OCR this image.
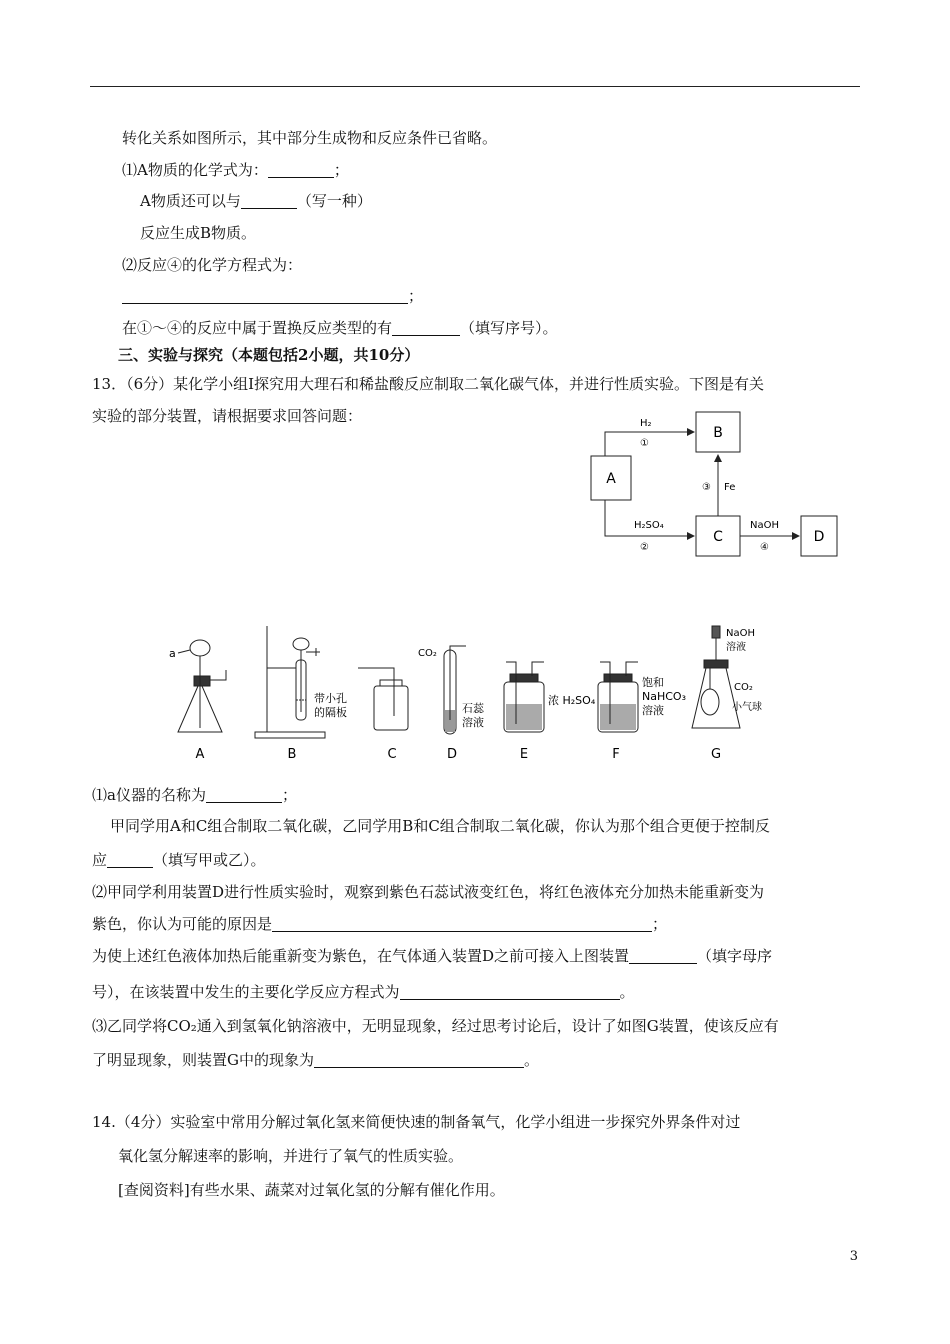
转化关系如图所示，其中部分生成物和反应条件已省略。
⑴A物质的化学式为：	；
A物质还可以与	（写一种）
反应生成B物质。
⑵反应④的化学方程式为：
；
在①～④的反应中属于置换反应类型的有	（填写序号）。
三、实验与探究（本题包括2小题，共10分）
13．（6分）某化学小组Ⅰ探究用大理石和稀盐酸反应制取二氧化碳气体，并进行性质实验。下图是有关
实验的部分装置，请根据要求回答问题：
A
B
C	D
H₂
①
H₂SO₄
②
③ Fe
NaOH
④
a
A
带小孔
的隔板
B	C
CO₂
石蕊
溶液
D
浓 H₂SO₄
E
饱和
NaHCO₃
溶液
F
NaOH
溶液
CO₂
小气球
G
⑴a仪器的名称为	；
甲同学用A和C组合制取二氧化碳，乙同学用B和C组合制取二氧化碳，你认为那个组合更便于控制反
应	（填写甲或乙）。
⑵甲同学利用装置D进行性质实验时，观察到紫色石蕊试液变红色，将红色液体充分加热未能重新变为
紫色，你认为可能的原因是	；
为使上述红色液体加热后能重新变为紫色，在气体通入装置D之前可接入上图装置	（填字母序
号），在该装置中发生的主要化学反应方程式为	。
⑶乙同学将CO₂通入到氢氧化钠溶液中，无明显现象，经过思考讨论后，设计了如图G装置，使该反应有
了明显现象，则装置G中的现象为	。
14.（4分）实验室中常用分解过氧化氢来简便快速的制备氧气，化学小组进一步探究外界条件对过
氧化氢分解速率的影响，并进行了氧气的性质实验。
[查阅资料]有些水果、蔬菜对过氧化氢的分解有催化作用。
3
